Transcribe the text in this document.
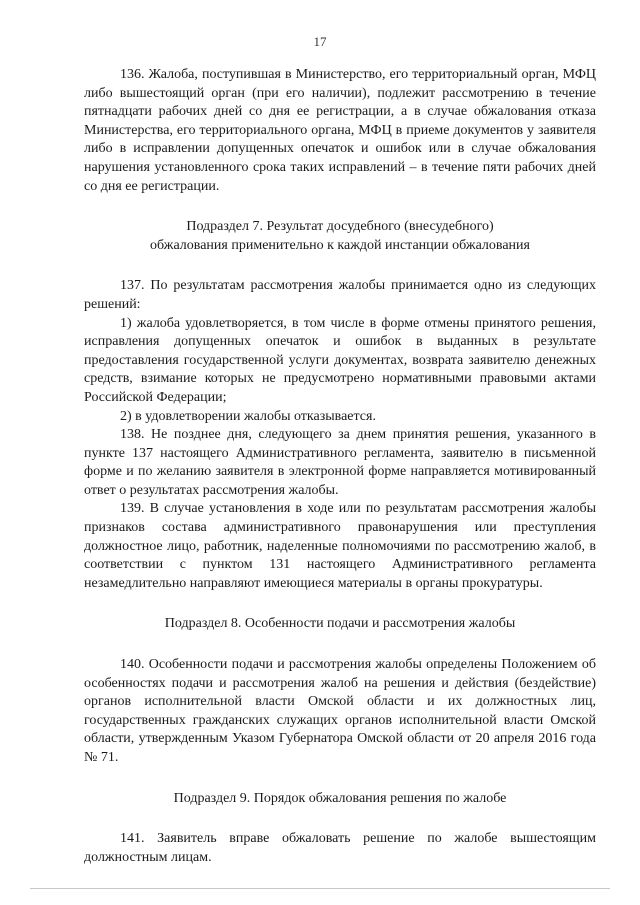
17

136. Жалоба, поступившая в Министерство, его территориальный орган, МФЦ либо вышестоящий орган (при его наличии), подлежит рассмотрению в течение пятнадцати рабочих дней со дня ее регистрации, а в случае обжалования отказа Министерства, его территориального органа, МФЦ в приеме документов у заявителя либо в исправлении допущенных опечаток и ошибок или в случае обжалования нарушения установленного срока таких исправлений – в течение пяти рабочих дней со дня ее регистрации.

Подраздел 7. Результат досудебного (внесудебного)
обжалования применительно к каждой инстанции обжалования

137. По результатам рассмотрения жалобы принимается одно из следующих решений:

1) жалоба удовлетворяется, в том числе в форме отмены принятого решения, исправления допущенных опечаток и ошибок в выданных в результате предоставления государственной услуги документах, возврата заявителю денежных средств, взимание которых не предусмотрено нормативными правовыми актами Российской Федерации;

2) в удовлетворении жалобы отказывается.

138. Не позднее дня, следующего за днем принятия решения, указанного в пункте 137 настоящего Административного регламента, заявителю в письменной форме и по желанию заявителя в электронной форме направляется мотивированный ответ о результатах рассмотрения жалобы.

139. В случае установления в ходе или по результатам рассмотрения жалобы признаков состава административного правонарушения или преступления должностное лицо, работник, наделенные полномочиями по рассмотрению жалоб, в соответствии с пунктом 131 настоящего Административного регламента незамедлительно направляют имеющиеся материалы в органы прокуратуры.

Подраздел 8. Особенности подачи и рассмотрения жалобы

140. Особенности подачи и рассмотрения жалобы определены Положением об особенностях подачи и рассмотрения жалоб на решения и действия (бездействие) органов исполнительной власти Омской области и их должностных лиц, государственных гражданских служащих органов исполнительной власти Омской области, утвержденным Указом Губернатора Омской области от 20 апреля 2016 года № 71.

Подраздел 9. Порядок обжалования решения по жалобе

141. Заявитель вправе обжаловать решение по жалобе вышестоящим должностным лицам.
